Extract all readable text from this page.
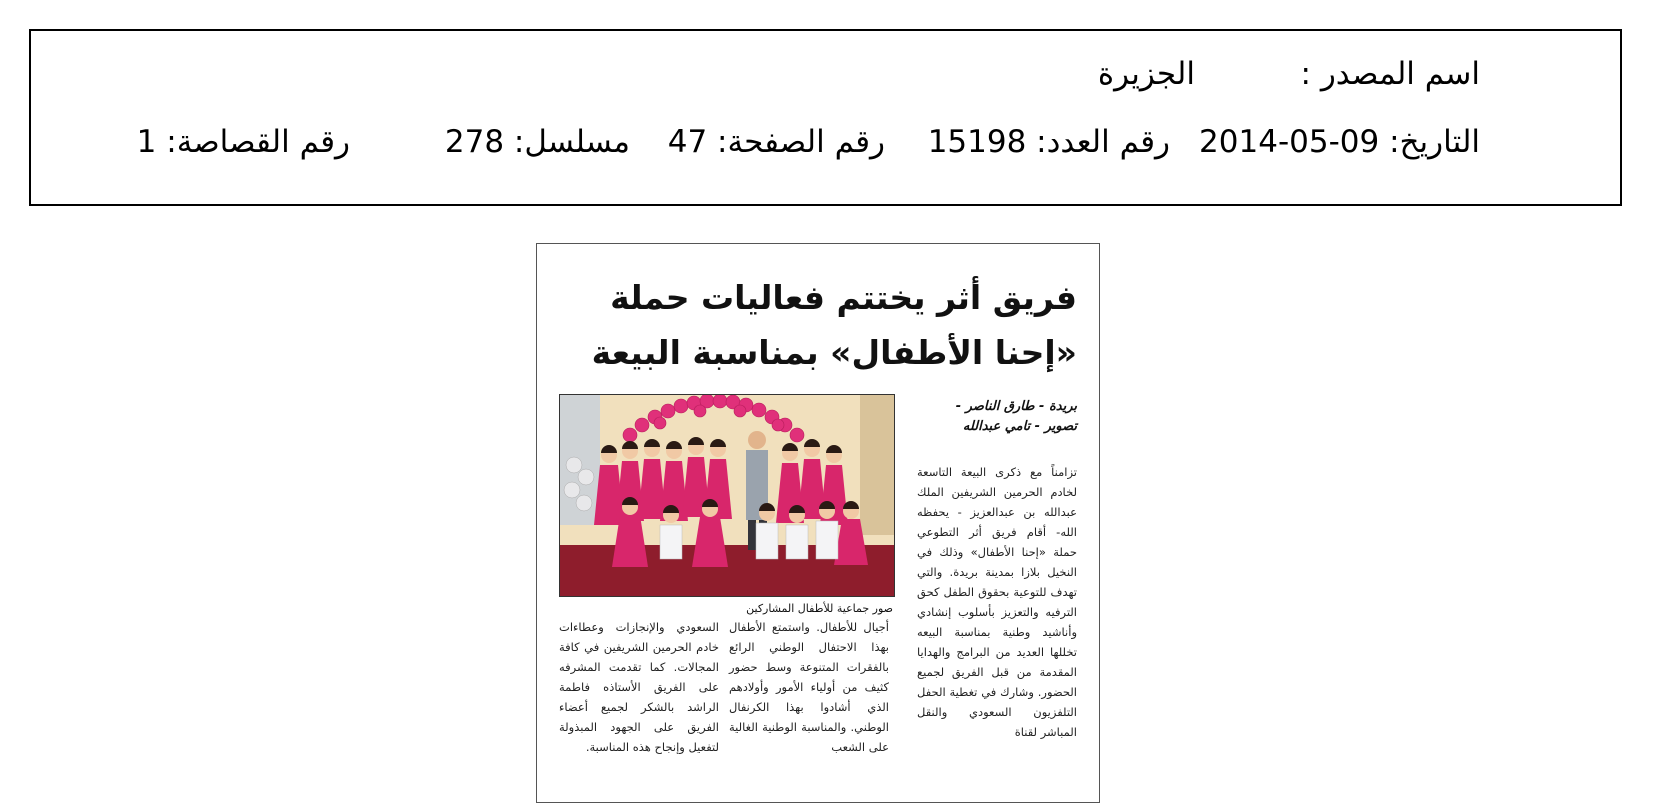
اسم المصدر :
الجزيرة
التاريخ: 09-05-2014
رقم العدد: 15198
رقم الصفحة: 47
مسلسل: 278
رقم القصاصة: 1
فريق أثر يختتم فعاليات حملة «إحنا الأطفال» بمناسبة البيعة
بريدة - طارق الناصر -
تصوير - تامي عبدالله
صور جماعية للأطفال المشاركين
تزامناً مع ذكرى البيعة التاسعة لخادم الحرمين الشريفين الملك عبدالله بن عبدالعزيز - يحفظه الله- أقام فريق أثر التطوعي حملة «إحنا الأطفال» وذلك في النخيل بلازا بمدينة بريدة. والتي تهدف للتوعية بحقوق الطفل كحق الترفيه والتعزيز بأسلوب إنشادي وأناشيد وطنية بمناسبة البيعه تخللها العديد من البرامج والهدايا المقدمة من قبل الفريق لجميع الحضور. وشارك في تغطية الحفل التلفزيون السعودي والنقل المباشر لقناة
أجيال للأطفال. واستمتع الأطفال بهذا الاحتفال الوطني الرائع بالفقرات المتنوعة وسط حضور كثيف من أولياء الأمور وأولادهم الذي أشادوا بهذا الكرنفال الوطني. والمناسبة الوطنية الغالية على الشعب
السعودي والإنجازات وعطاءات خادم الحرمين الشريفين في كافة المجالات. كما تقدمت المشرفه على الفريق الأستاذه فاطمة الراشد بالشكر لجميع أعضاء الفريق على الجهود المبذولة لتفعيل وإنجاح هذه المناسبة.
